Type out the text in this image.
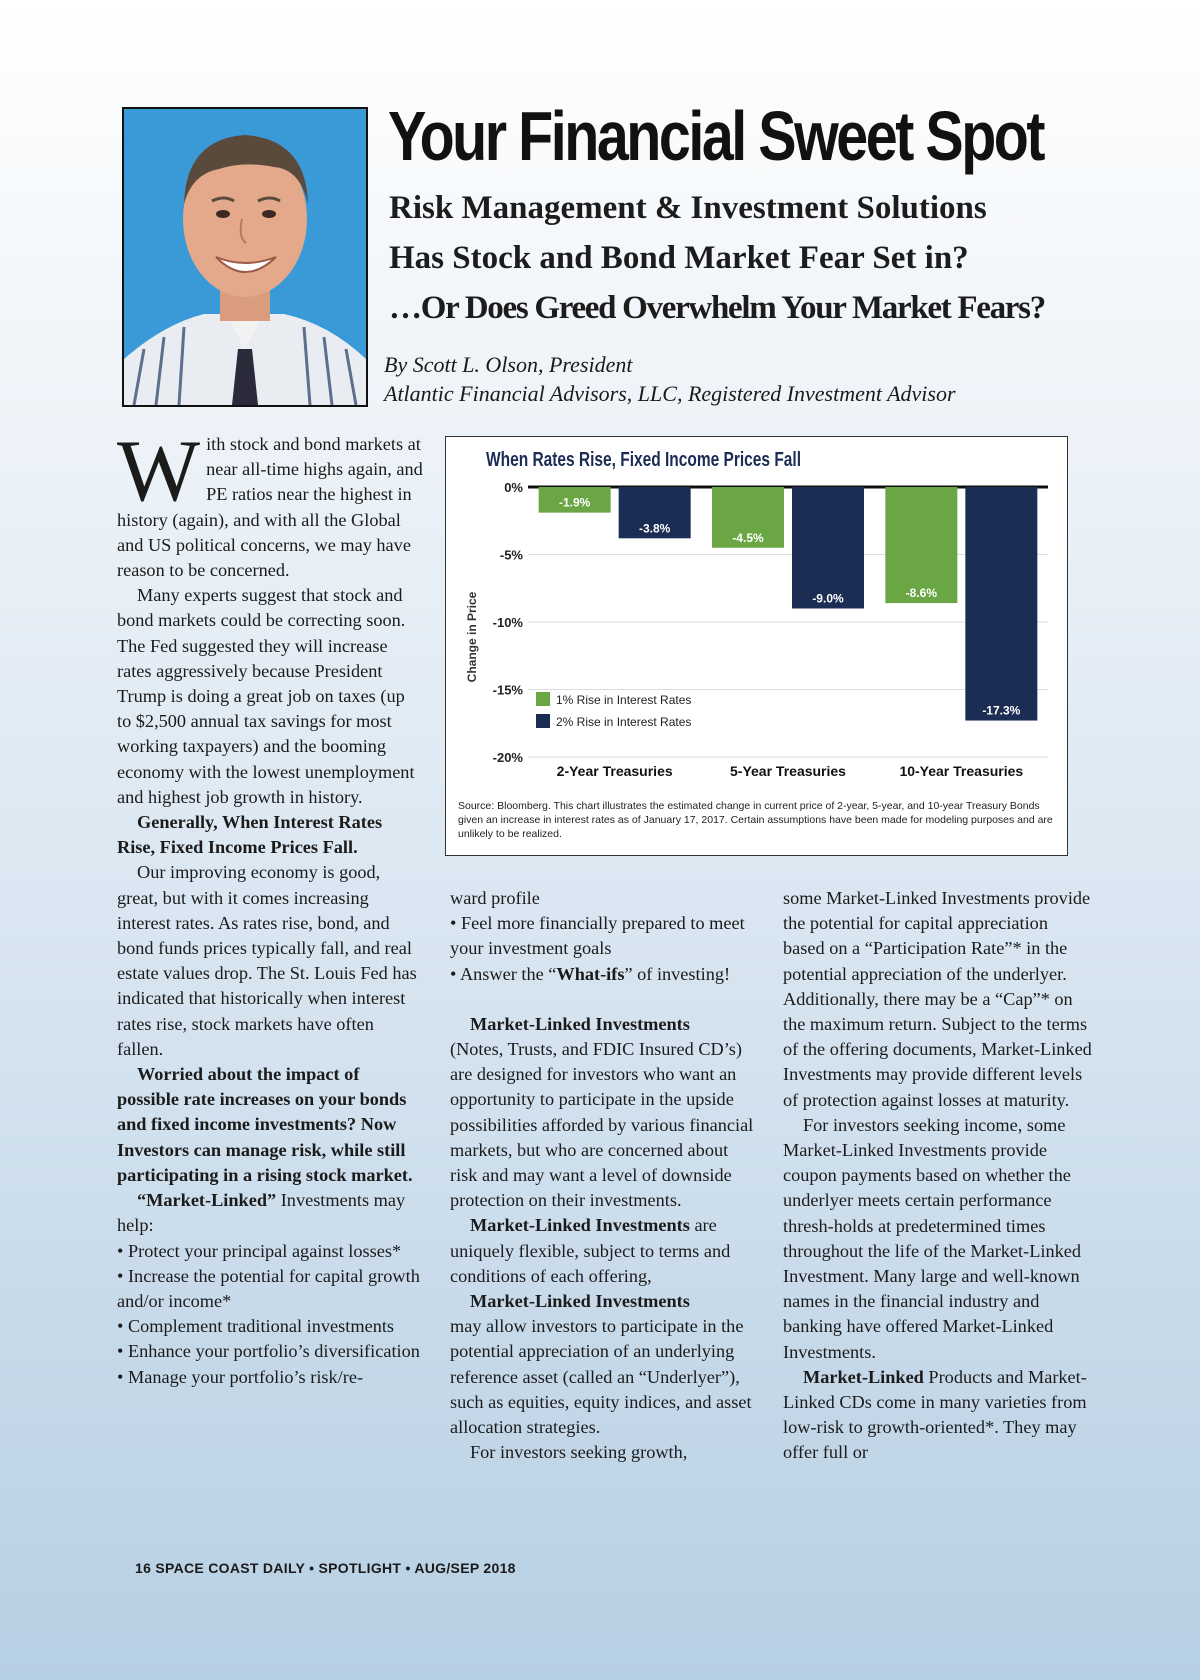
Your Financial Sweet Spot
Risk Management & Investment Solutions
Has Stock and Bond Market Fear Set in?
…Or Does Greed Overwhelm Your Market Fears?
By Scott L. Olson, President
Atlantic Financial Advisors, LLC, Registered Investment Advisor

With stock and bond markets at near all-time highs again, and PE ratios near the highest in history (again), and with all the Global and US political concerns, we may have reason to be concerned.

Many experts suggest that stock and bond markets could be correcting soon. The Fed suggested they will increase rates aggressively because President Trump is doing a great job on taxes (up to $2,500 annual tax savings for most working taxpayers) and the booming economy with the lowest unemployment and highest job growth in history.

Generally, When Interest Rates Rise, Fixed Income Prices Fall.

Our improving economy is good, great, but with it comes increasing interest rates. As rates rise, bond, and bond funds prices typically fall, and real estate values drop. The St. Louis Fed has indicated that historically when interest rates rise, stock markets have often fallen.

Worried about the impact of possible rate increases on your bonds and fixed income investments? Now Investors can manage risk, while still participating in a rising stock market.

“Market-Linked” Investments may help:

• Protect your principal against losses*

• Increase the potential for capital growth and/or income*

• Complement traditional investments

• Enhance your portfolio’s diversification

• Manage your portfolio’s risk/re-

When Rates Rise, Fixed Income Prices Fall
Change in Price
0%
-5%
-10%
-15%
-20%
-1.9%
-3.8%
2-Year Treasuries
-4.5%
-9.0%
5-Year Treasuries
-8.6%
-17.3%
10-Year Treasuries
1% Rise in Interest Rates
2% Rise in Interest Rates
Source: Bloomberg. This chart illustrates the estimated change in current price of 2-year, 5-year, and 10-year Treasury Bonds given an increase in interest rates as of January 17, 2017. Certain assumptions have been made for modeling purposes and are unlikely to be realized.

ward profile

• Feel more financially prepared to meet your investment goals

• Answer the “What-ifs” of investing!

Market-Linked Investments

(Notes, Trusts, and FDIC Insured CD’s) are designed for investors who want an opportunity to participate in the upside possibilities afforded by various financial markets, but who are concerned about risk and may want a level of downside protection on their investments.

Market-Linked Investments are uniquely flexible, subject to terms and conditions of each offering,

Market-Linked Investments

may allow investors to participate in the potential appreciation of an underlying reference asset (called an “Underlyer”), such as equities, equity indices, and asset allocation strategies.

For investors seeking growth,

some Market-Linked Investments provide the potential for capital appreciation based on a “Participation Rate”* in the potential appreciation of the underlyer. Additionally, there may be a “Cap”* on the maximum return. Subject to the terms of the offering documents, Market-Linked Investments may provide different levels of protection against losses at maturity.

For investors seeking income, some Market-Linked Investments provide coupon payments based on whether the underlyer meets certain performance thresh-holds at predetermined times throughout the life of the Market-Linked Investment. Many large and well-known names in the financial industry and banking have offered Market-Linked Investments.

Market-Linked Products and Market-Linked CDs come in many varieties from low-risk to growth-oriented*. They may offer full or

16 SPACE COAST DAILY • SPOTLIGHT • AUG/SEP 2018
